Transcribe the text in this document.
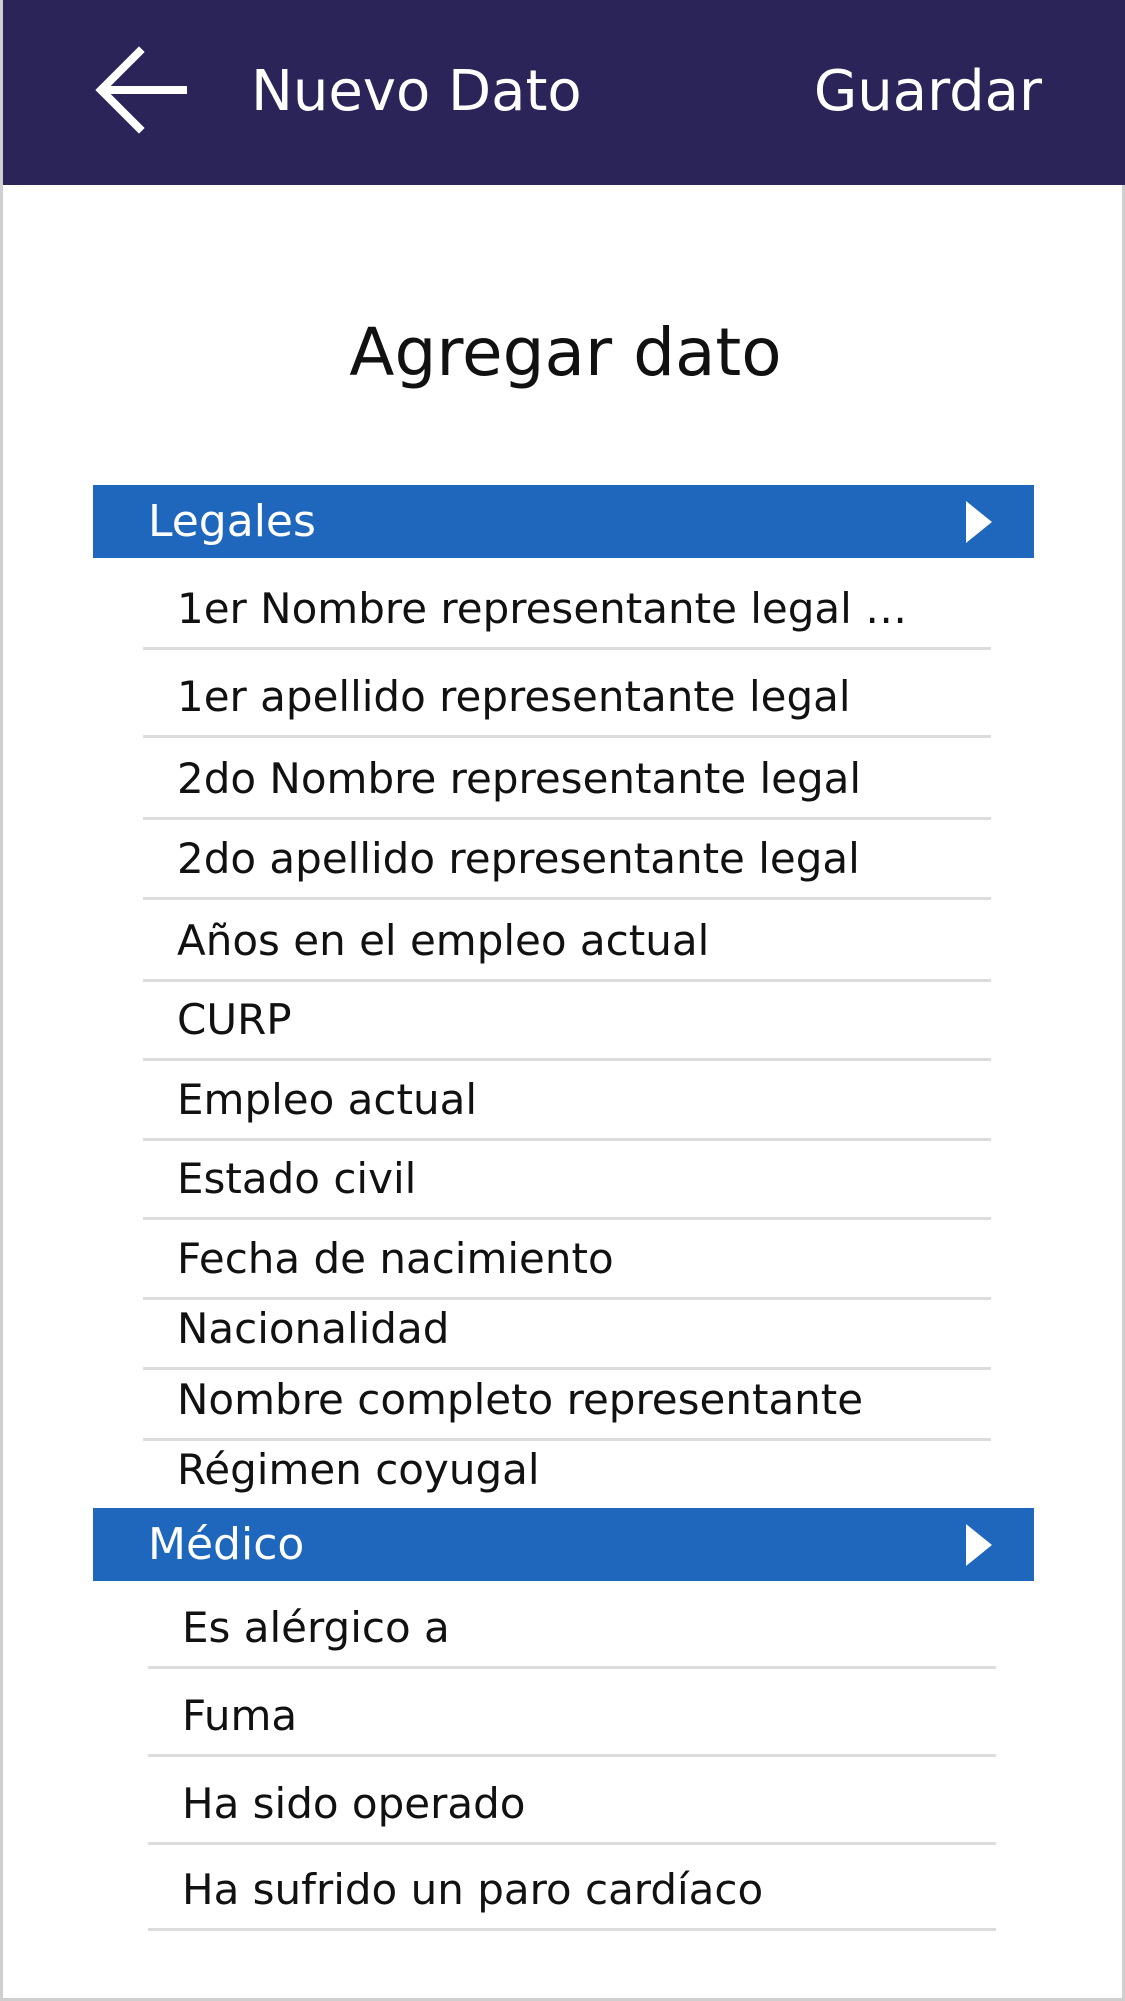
Nuevo Dato	Guardar
Agregar dato
Legales
1er Nombre representante legal …
1er apellido representante legal
2do Nombre representante legal
2do apellido representante legal
Años en el empleo actual
CURP
Empleo actual
Estado civil
Fecha de nacimiento
Nacionalidad
Nombre completo representante
Régimen coyugal
Médico
Es alérgico a
Fuma
Ha sido operado
Ha sufrido un paro cardíaco
